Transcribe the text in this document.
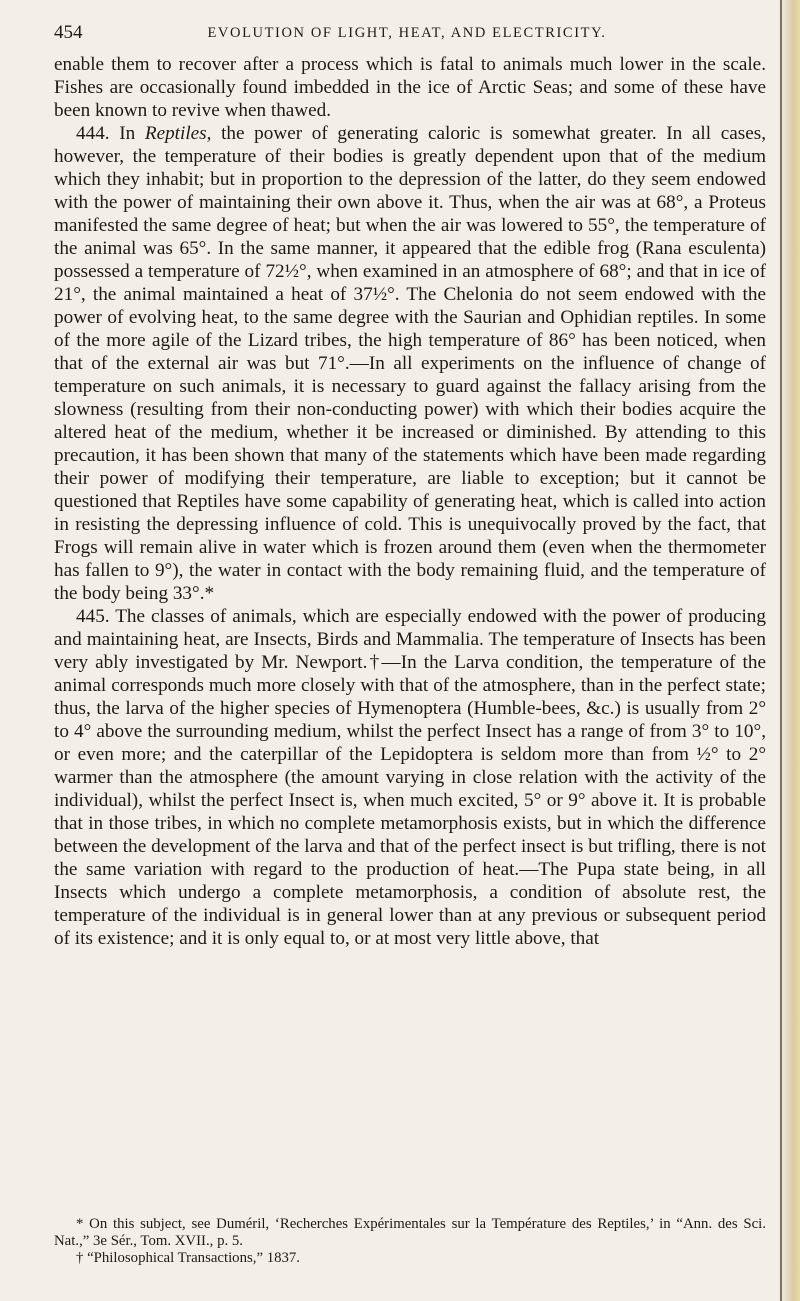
454	EVOLUTION OF LIGHT, HEAT, AND ELECTRICITY.

enable them to recover after a process which is fatal to animals much lower in the scale. Fishes are occasionally found imbedded in the ice of Arctic Seas; and some of these have been known to revive when thawed.

444. In Reptiles, the power of generating caloric is somewhat greater. In all cases, however, the temperature of their bodies is greatly dependent upon that of the medium which they inhabit; but in proportion to the depression of the latter, do they seem endowed with the power of maintaining their own above it. Thus, when the air was at 68°, a Proteus manifested the same degree of heat; but when the air was lowered to 55°, the temperature of the animal was 65°. In the same manner, it appeared that the edible frog (Rana esculenta) possessed a temperature of 72½°, when examined in an atmosphere of 68°; and that in ice of 21°, the animal maintained a heat of 37½°. The Chelonia do not seem endowed with the power of evolving heat, to the same degree with the Saurian and Ophidian reptiles. In some of the more agile of the Lizard tribes, the high temperature of 86° has been noticed, when that of the external air was but 71°.—In all experiments on the influence of change of temperature on such animals, it is necessary to guard against the fallacy arising from the slowness (resulting from their non-conducting power) with which their bodies acquire the altered heat of the medium, whether it be increased or diminished. By attending to this precaution, it has been shown that many of the statements which have been made regarding their power of modifying their temperature, are liable to exception; but it cannot be questioned that Reptiles have some capability of generating heat, which is called into action in resisting the depressing influence of cold. This is unequivocally proved by the fact, that Frogs will remain alive in water which is frozen around them (even when the thermometer has fallen to 9°), the water in contact with the body remaining fluid, and the temperature of the body being 33°.*

445. The classes of animals, which are especially endowed with the power of producing and maintaining heat, are Insects, Birds and Mammalia. The temperature of Insects has been very ably investigated by Mr. Newport.†—In the Larva condition, the temperature of the animal corresponds much more closely with that of the atmosphere, than in the perfect state; thus, the larva of the higher species of Hymenoptera (Humble-bees, &c.) is usually from 2° to 4° above the surrounding medium, whilst the perfect Insect has a range of from 3° to 10°, or even more; and the caterpillar of the Lepidoptera is seldom more than from ½° to 2° warmer than the atmosphere (the amount varying in close relation with the activity of the individual), whilst the perfect Insect is, when much excited, 5° or 9° above it. It is probable that in those tribes, in which no complete metamorphosis exists, but in which the difference between the development of the larva and that of the perfect insect is but trifling, there is not the same variation with regard to the production of heat.—The Pupa state being, in all Insects which undergo a complete metamorphosis, a condition of absolute rest, the temperature of the individual is in general lower than at any previous or subsequent period of its existence; and it is only equal to, or at most very little above, that

* On this subject, see Duméril, ‘Recherches Expérimentales sur la Température des Reptiles,’ in “Ann. des Sci. Nat.,” 3e Sér., Tom. XVII., p. 5.

† “Philosophical Transactions,” 1837.
